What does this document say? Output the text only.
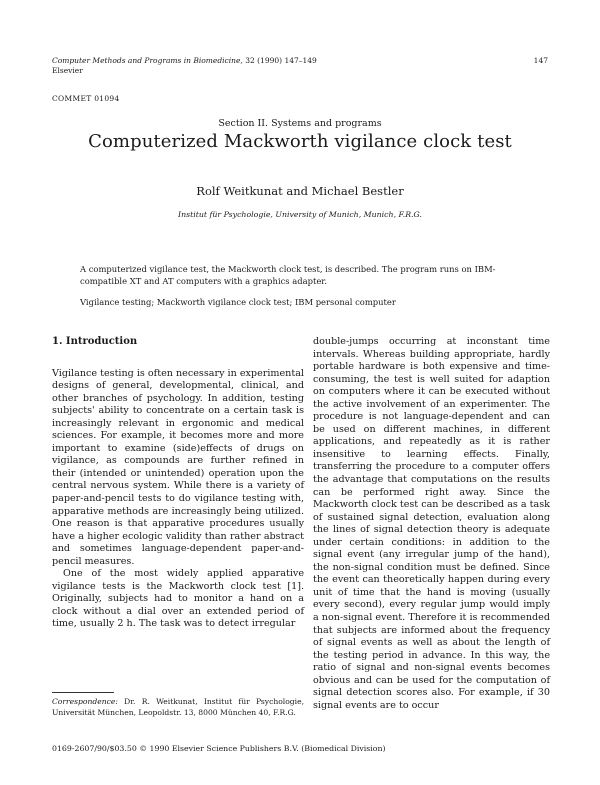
Computer Methods and Programs in Biomedicine, 32 (1990) 147–149
Elsevier
147
COMMET 01094
Section II. Systems and programs
Computerized Mackworth vigilance clock test
Rolf Weitkunat and Michael Bestler
Institut für Psychologie, University of Munich, Munich, F.R.G.
A computerized vigilance test, the Mackworth clock test, is described. The program runs on IBM-compatible XT and AT computers with a graphics adapter.
Vigilance testing; Mackworth vigilance clock test; IBM personal computer

1. Introduction

Vigilance testing is often necessary in experimental designs of general, developmental, clinical, and other branches of psychology. In addition, testing subjects' ability to concentrate on a certain task is increasingly relevant in ergonomic and medical sciences. For example, it becomes more and more important to examine (side)effects of drugs on vigilance, as compounds are further refined in their (intended or unintended) operation upon the central nervous system. While there is a variety of paper-and-pencil tests to do vigilance testing with, apparative methods are increasingly being utilized. One reason is that apparative procedures usually have a higher ecologic validity than rather abstract and sometimes language-dependent paper-and-pencil measures.

One of the most widely applied apparative vigilance tests is the Mackworth clock test [1]. Originally, subjects had to monitor a hand on a clock without a dial over an extended period of time, usually 2 h. The task was to detect irregular

double-jumps occurring at inconstant time intervals. Whereas building appropriate, hardly portable hardware is both expensive and time-consuming, the test is well suited for adaption on computers where it can be executed without the active involvement of an experimenter. The procedure is not language-dependent and can be used on different machines, in different applications, and repeatedly as it is rather insensitive to learning effects. Finally, transferring the procedure to a computer offers the advantage that computations on the results can be performed right away. Since the Mackworth clock test can be described as a task of sustained signal detection, evaluation along the lines of signal detection theory is adequate under certain conditions: in addition to the signal event (any irregular jump of the hand), the non-signal condition must be defined. Since the event can theoretically happen during every unit of time that the hand is moving (usually every second), every regular jump would imply a non-signal event. Therefore it is recommended that subjects are informed about the frequency of signal events as well as about the length of the testing period in advance. In this way, the ratio of signal and non-signal events becomes obvious and can be used for the computation of signal detection scores also. For example, if 30 signal events are to occur

Correspondence: Dr. R. Weitkunat, Institut für Psychologie, Universität München, Leopoldstr. 13, 8000 München 40, F.R.G.
0169-2607/90/$03.50 © 1990 Elsevier Science Publishers B.V. (Biomedical Division)
